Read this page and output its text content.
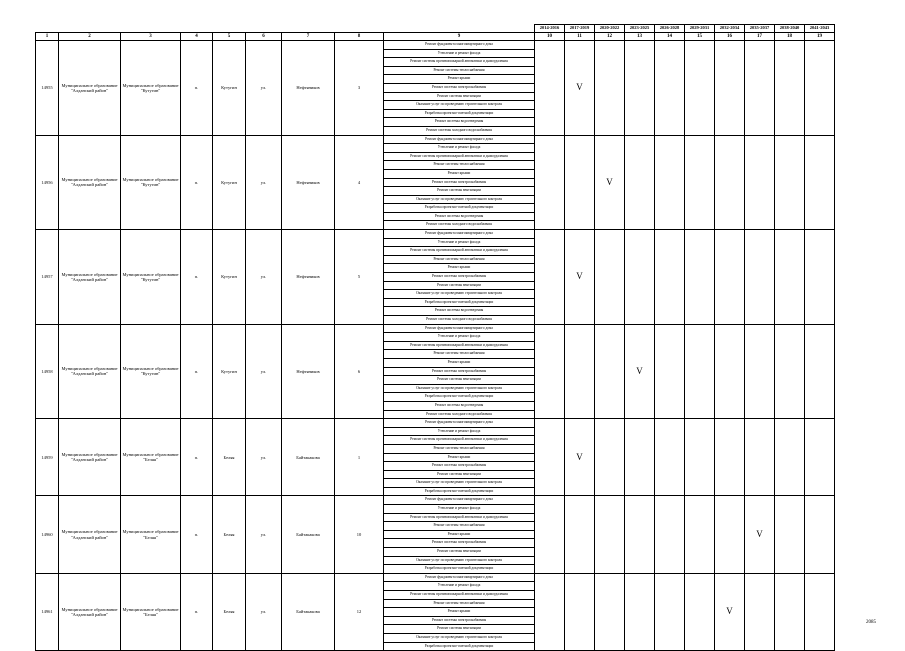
									2014-2016	2017-2019	2020-2022	2023-2025	2026-2028	2029-2031	2032-2034	2035-2037	2038-2040	2041-2043
1	2	3	4	5	6	7	8	9	10	11	12	13	14	15	16	17	18	19
14955	Муниципальное образование "Алданский район"	Муниципальное образование "Кутугин"	п.	Кутугин	ул.	Нефтяников	3	Ремонт фундамента многоквартирного дома		V								
								Утепление и ремонт фасада										
								Ремонт системы противопожарной автоматики и дымоудаления										
								Ремонт системы теплоснабжения										
								Ремонт крыши										
								Ремонт системы электроснабжения										
								Ремонт системы вентиляции										
								Оказание услуг по проведению строительного контроля										
								Разработка проектно-сметной документации										
								Ремонт системы водоотведения										
								Ремонт системы холодного водоснабжения										
14956	Муниципальное образование "Алданский район"	Муниципальное образование "Кутугин"	п.	Кутугин	ул.	Нефтяников	4	Ремонт фундамента многоквартирного дома			V							
								Утепление и ремонт фасада										
								Ремонт системы противопожарной автоматики и дымоудаления										
								Ремонт системы теплоснабжения										
								Ремонт крыши										
								Ремонт системы электроснабжения										
								Ремонт системы вентиляции										
								Оказание услуг по проведению строительного контроля										
								Разработка проектно-сметной документации										
								Ремонт системы водоотведения										
								Ремонт системы холодного водоснабжения										
14957	Муниципальное образование "Алданский район"	Муниципальное образование "Кутугин"	п.	Кутугин	ул.	Нефтяников	5	Ремонт фундамента многоквартирного дома		V								
								Утепление и ремонт фасада										
								Ремонт системы противопожарной автоматики и дымоудаления										
								Ремонт системы теплоснабжения										
								Ремонт крыши										
								Ремонт системы электроснабжения										
								Ремонт системы вентиляции										
								Оказание услуг по проведению строительного контроля										
								Разработка проектно-сметной документации										
								Ремонт системы водоотведения										
								Ремонт системы холодного водоснабжения										
14958	Муниципальное образование "Алданский район"	Муниципальное образование "Кутугин"	п.	Кутугин	ул.	Нефтяников	6	Ремонт фундамента многоквартирного дома				V						
								Утепление и ремонт фасада										
								Ремонт системы противопожарной автоматики и дымоудаления										
								Ремонт системы теплоснабжения										
								Ремонт крыши										
								Ремонт системы электроснабжения										
								Ремонт системы вентиляции										
								Оказание услуг по проведению строительного контроля										
								Разработка проектно-сметной документации										
								Ремонт системы водоотведения										
								Ремонт системы холодного водоснабжения										
14959	Муниципальное образование "Алданский район"	Муниципальное образование "Беляя"	п.	Беляя	ул.	Байтакакова	1	Ремонт фундамента многоквартирного дома		V								
								Утепление и ремонт фасада										
								Ремонт системы противопожарной автоматики и дымоудаления										
								Ремонт системы теплоснабжения										
								Ремонт крыши										
								Ремонт системы электроснабжения										
								Ремонт системы вентиляции										
								Оказание услуг по проведению строительного контроля										
								Разработка проектно-сметной документации										
14960	Муниципальное образование "Алданский район"	Муниципальное образование "Беляя"	п.	Беляя	ул.	Байтакакова	10	Ремонт фундамента многоквартирного дома								V		
								Утепление и ремонт фасада										
								Ремонт системы противопожарной автоматики и дымоудаления										
								Ремонт системы теплоснабжения										
								Ремонт крыши										
								Ремонт системы электроснабжения										
								Ремонт системы вентиляции										
								Оказание услуг по проведению строительного контроля										
								Разработка проектно-сметной документации										
14961	Муниципальное образование "Алданский район"	Муниципальное образование "Беляя"	п.	Беляя	ул.	Байтакакова	12	Ремонт фундамента многоквартирного дома							V			
								Утепление и ремонт фасада										
								Ремонт системы противопожарной автоматики и дымоудаления										
								Ремонт системы теплоснабжения										
								Ремонт крыши										
								Ремонт системы электроснабжения										
								Ремонт системы вентиляции										
								Оказание услуг по проведению строительного контроля										
								Разработка проектно-сметной документации										
2085
